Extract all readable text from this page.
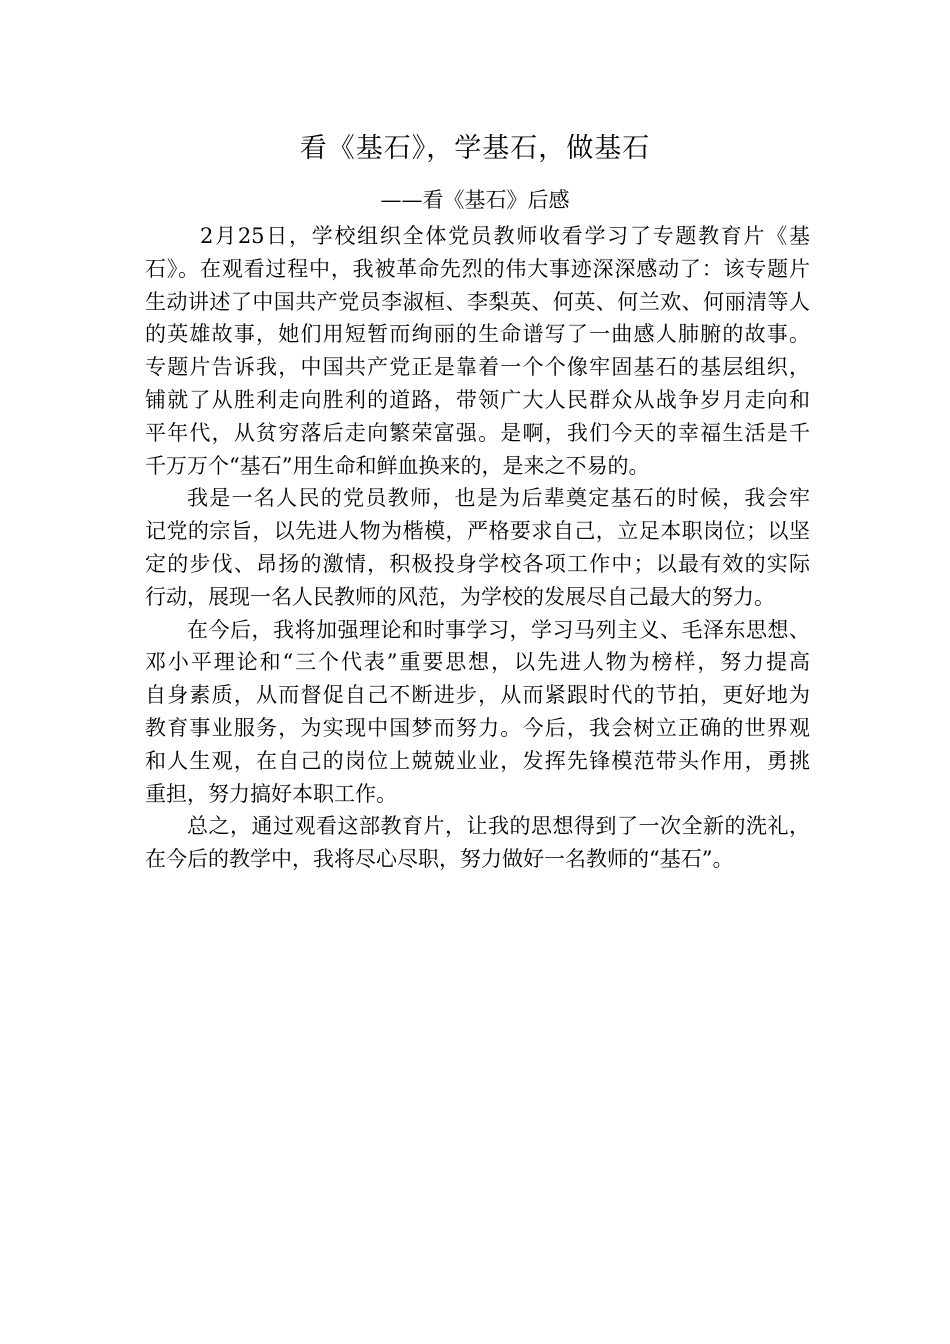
看《基石》，学基石，做基石
——看《基石》后感
2月25日，学校组织全体党员教师收看学习了专题教育片《基
石》。在观看过程中，我被革命先烈的伟大事迹深深感动了：该专题片
生动讲述了中国共产党员李淑桓、李梨英、何英、何兰欢、何丽清等人
的英雄故事，她们用短暂而绚丽的生命谱写了一曲感人肺腑的故事。
专题片告诉我，中国共产党正是靠着一个个像牢固基石的基层组织，
铺就了从胜利走向胜利的道路，带领广大人民群众从战争岁月走向和
平年代，从贫穷落后走向繁荣富强。是啊，我们今天的幸福生活是千
千万万个“基石”用生命和鲜血换来的，是来之不易的。
我是一名人民的党员教师，也是为后辈奠定基石的时候，我会牢
记党的宗旨，以先进人物为楷模，严格要求自己，立足本职岗位；以坚
定的步伐、昂扬的激情，积极投身学校各项工作中；以最有效的实际
行动，展现一名人民教师的风范，为学校的发展尽自己最大的努力。
在今后，我将加强理论和时事学习，学习马列主义、毛泽东思想、
邓小平理论和“三个代表”重要思想，以先进人物为榜样，努力提高
自身素质，从而督促自己不断进步，从而紧跟时代的节拍，更好地为
教育事业服务，为实现中国梦而努力。今后，我会树立正确的世界观
和人生观，在自己的岗位上兢兢业业，发挥先锋模范带头作用，勇挑
重担，努力搞好本职工作。
总之，通过观看这部教育片，让我的思想得到了一次全新的洗礼，
在今后的教学中，我将尽心尽职，努力做好一名教师的“基石”。
